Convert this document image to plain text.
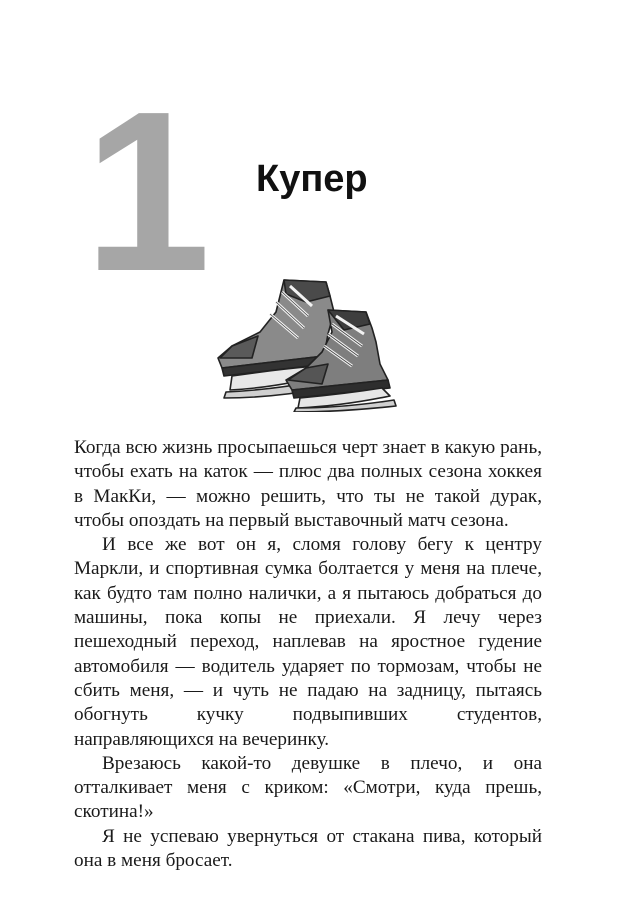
1 Купер

Когда всю жизнь просыпаешься черт знает в какую рань, чтобы ехать на каток — плюс два полных сезона хоккея в МакКи, — можно решить, что ты не такой дурак, чтобы опоздать на первый выставочный матч сезона.

И все же вот он я, сломя голову бегу к центру Маркли, и спортивная сумка болтается у меня на плече, как будто там полно налички, а я пытаюсь добраться до машины, пока копы не приехали. Я лечу через пешеходный переход, наплевав на яростное гудение автомобиля — водитель ударяет по тормозам, чтобы не сбить меня, — и чуть не падаю на задницу, пытаясь обогнуть кучку подвыпивших студентов, направляющихся на вечеринку.

Врезаюсь какой-то девушке в плечо, и она отталкивает меня с криком: «Смотри, куда прешь, скотина!»

Я не успеваю увернуться от стакана пива, который она в меня бросает.
